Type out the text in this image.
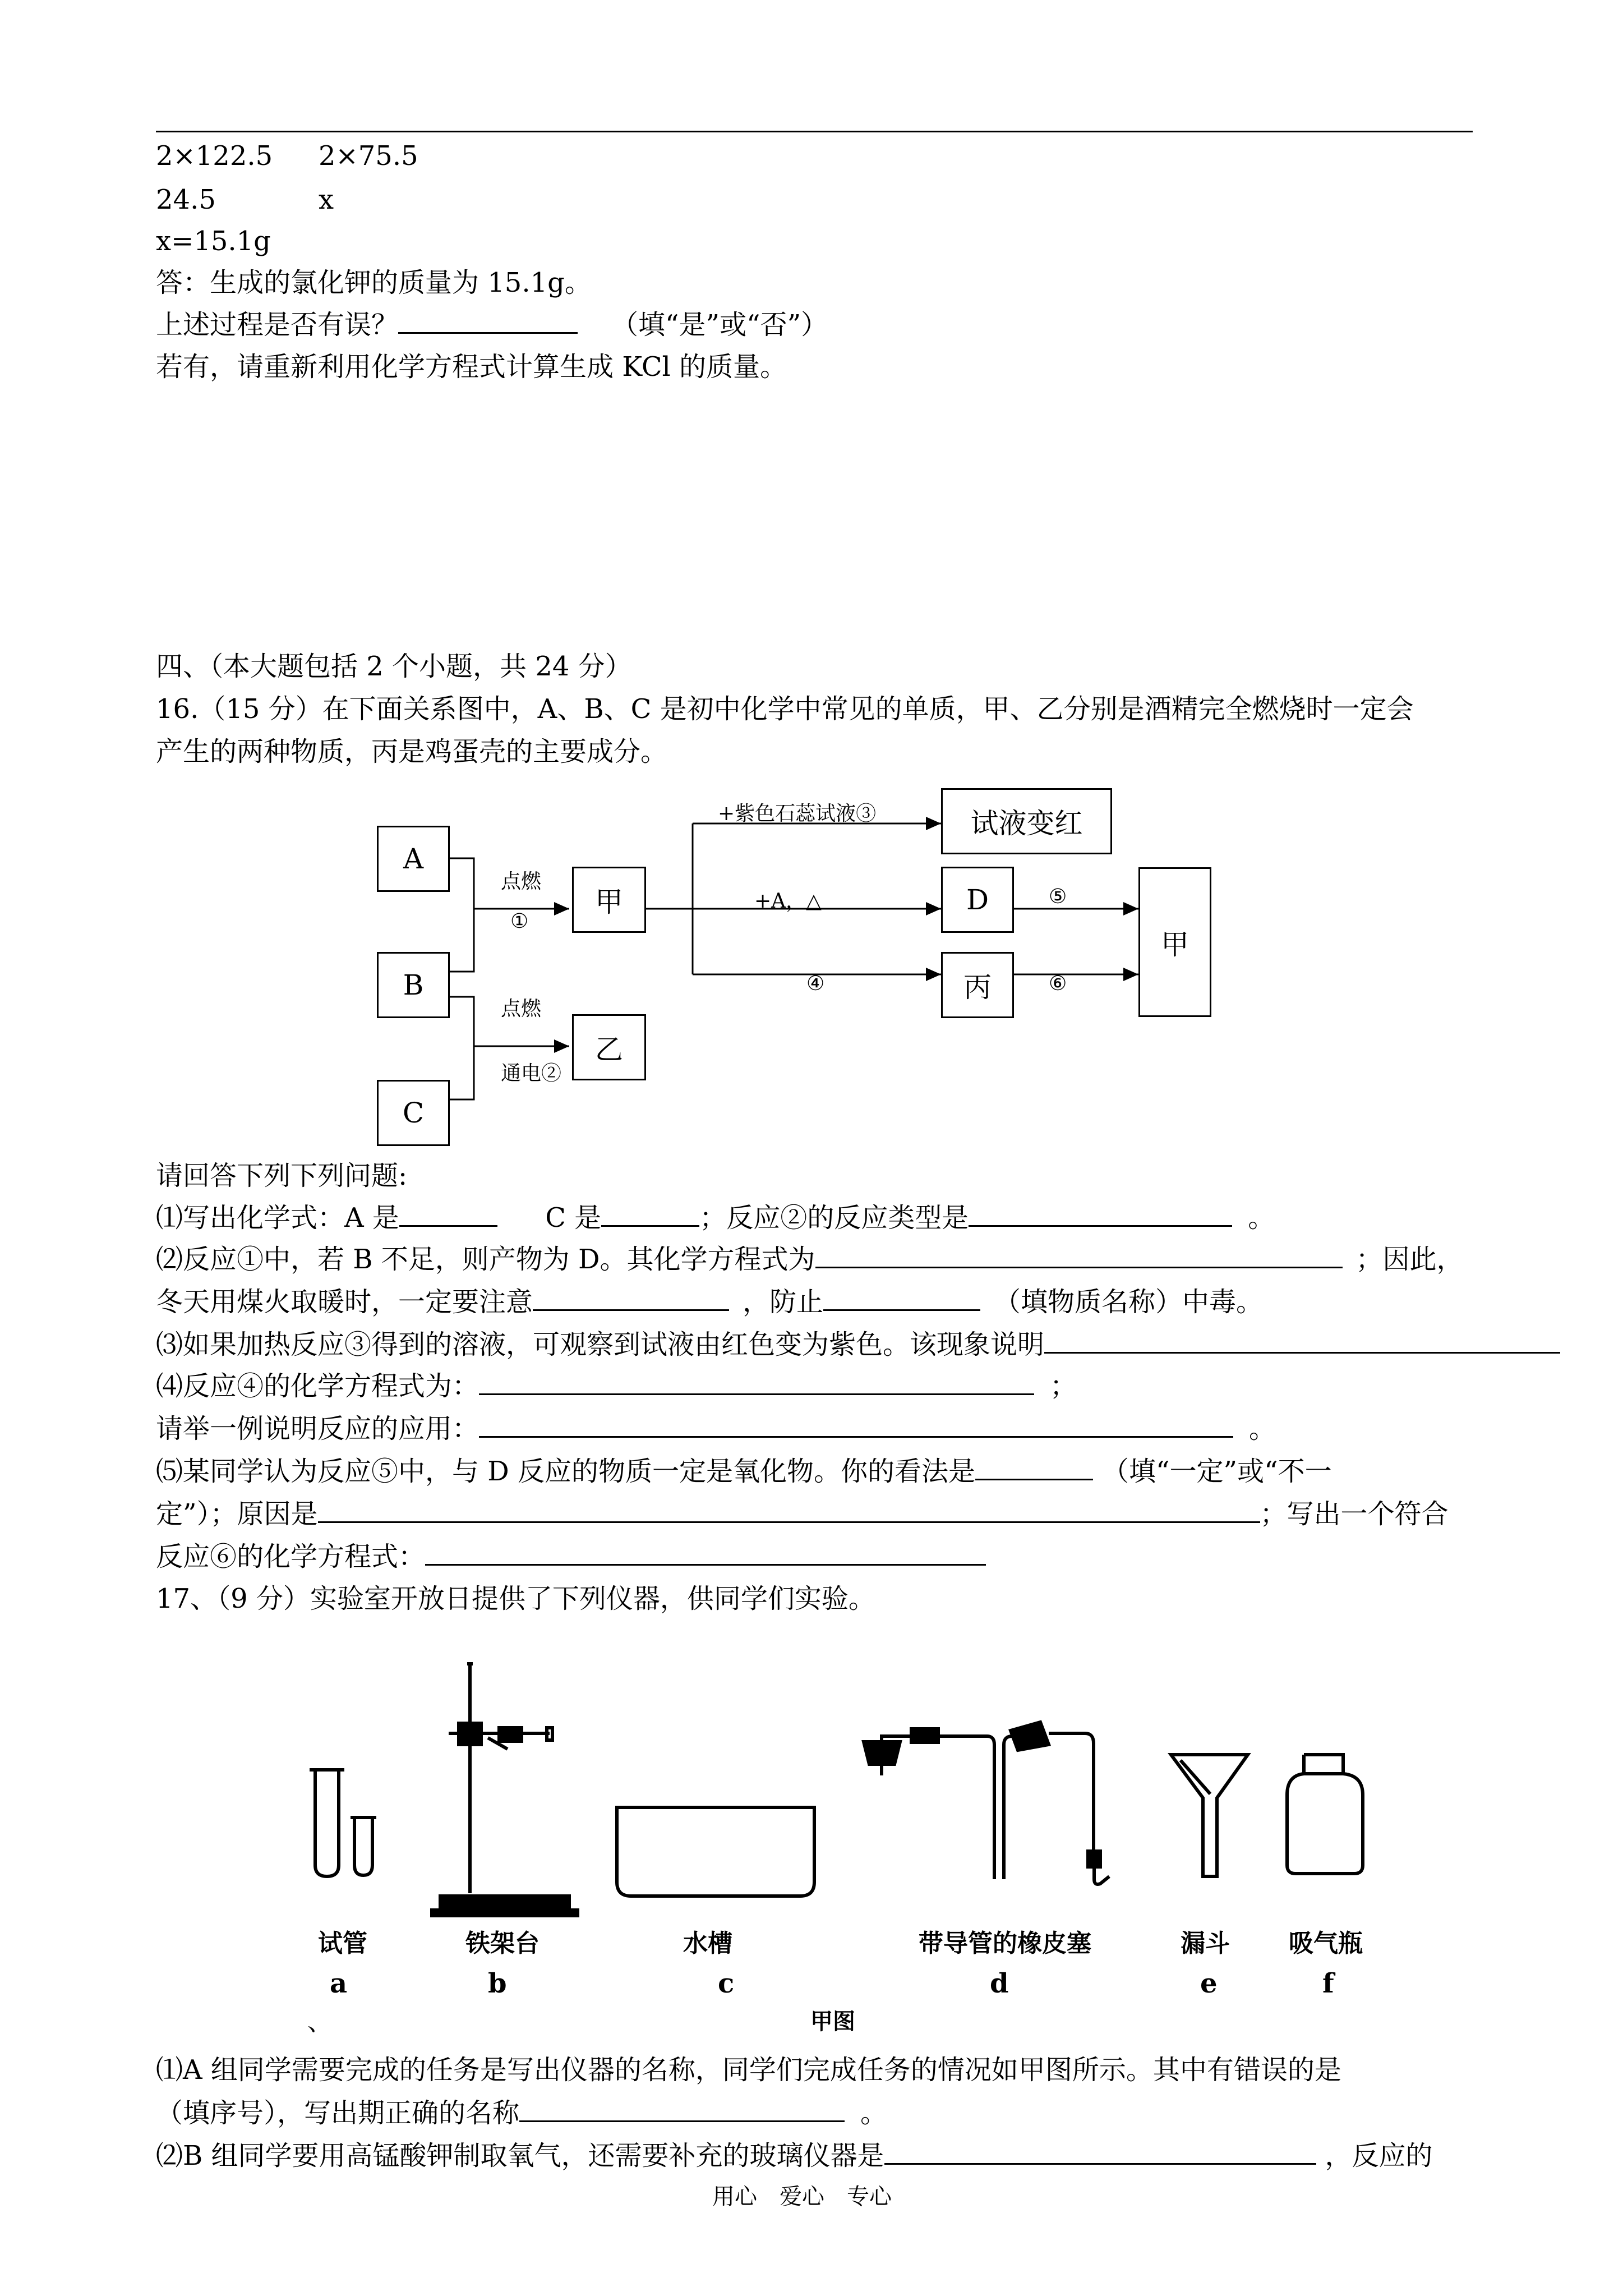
2×122.5 2×75.5
24.5	x
x=15.1g
答：生成的氯化钾的质量为 15.1g。
上述过程是否有误？	（填“是”或“否”）
若有，请重新利用化学方程式计算生成 KCl 的质量。
四、（本大题包括 2 个小题，共 24 分）
16.（15 分）在下面关系图中，A、B、C 是初中化学中常见的单质，甲、乙分别是酒精完全燃烧时一定会
产生的两种物质，丙是鸡蛋壳的主要成分。
A
B
C
甲
乙
试液变红
D
丙
甲
+紫色石蕊试液③
+A，△
④
⑤
⑥
点燃
①
点燃
通电②
请回答下列下列问题:
⑴写出化学式：A 是	C 是	；反应②的反应类型是	。
⑵反应①中，若 B 不足，则产物为 D。其化学方程式为	；因此，
冬天用煤火取暖时，一定要注意	，防止	（填物质名称）中毒。
⑶如果加热反应③得到的溶液，可观察到试液由红色变为紫色。该现象说明
⑷反应④的化学方程式为：	；
请举一例说明反应的应用：	。
⑸某同学认为反应⑤中，与 D 反应的物质一定是氧化物。你的看法是	（填“一定”或“不一
定”）；原因是	；写出一个符合
反应⑥的化学方程式：
17、（9 分）实验室开放日提供了下列仪器，供同学们实验。
试管	铁架台	水槽	带导管的橡皮塞	漏斗 吸气瓶
a	b	c	d	e	f
、	甲图
⑴A 组同学需要完成的任务是写出仪器的名称，同学们完成任务的情况如甲图所示。其中有错误的是
（填序号），写出期正确的名称	。
⑵B 组同学要用高锰酸钾制取氧气，还需要补充的玻璃仪器是	，反应的
用心　爱心　专心
